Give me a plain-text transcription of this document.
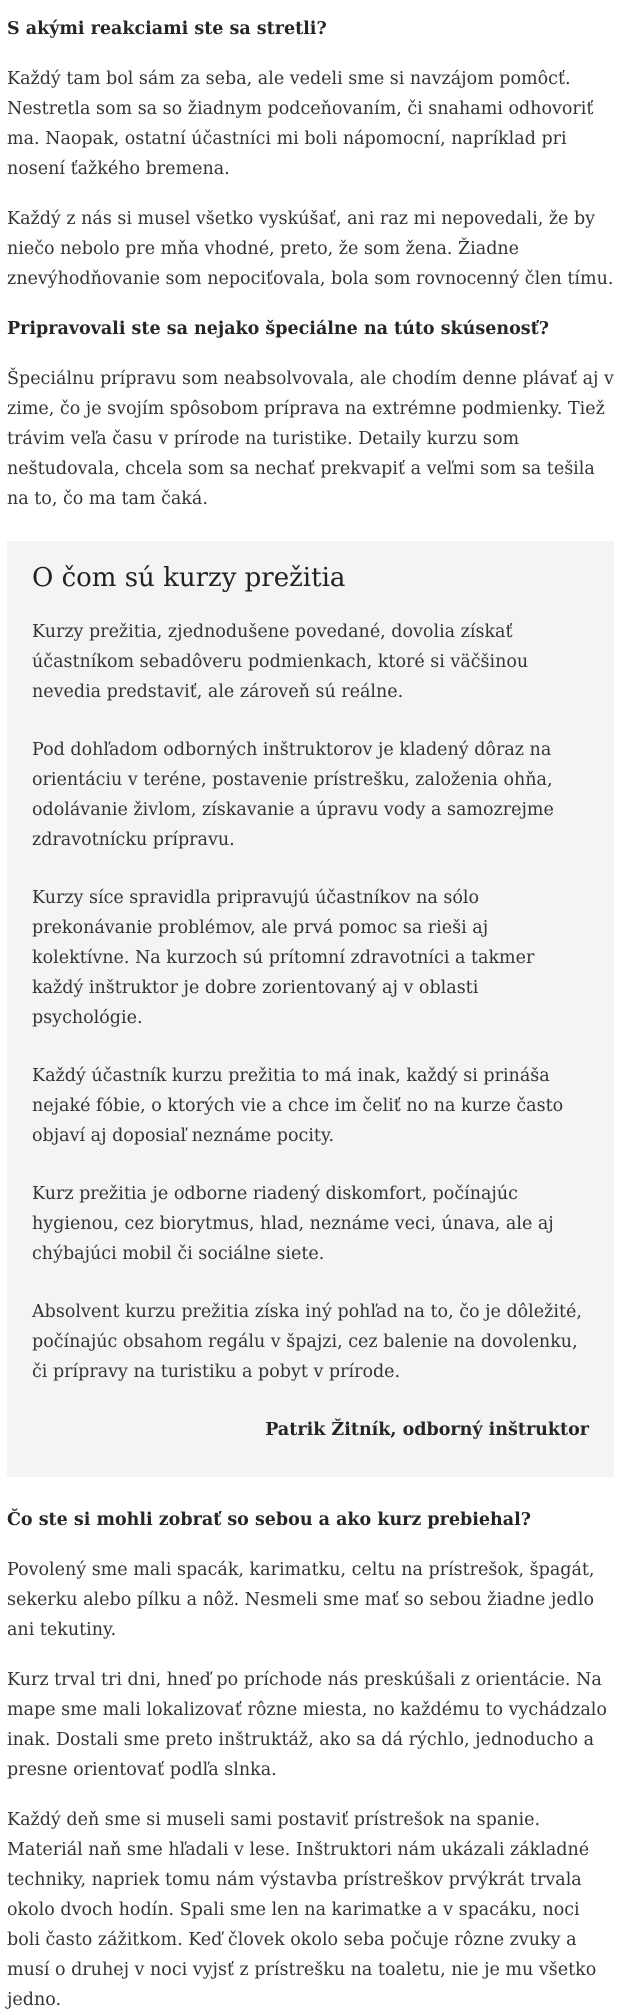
S akými reakciami ste sa stretli?

Každý tam bol sám za seba, ale vedeli sme si navzájom pomôcť. Nestretla som sa so žiadnym podceňovaním, či snahami odhovoriť ma. Naopak, ostatní účastníci mi boli nápomocní, napríklad pri nosení ťažkého bremena.

Každý z nás si musel všetko vyskúšať, ani raz mi nepovedali, že by niečo nebolo pre mňa vhodné, preto, že som žena. Žiadne znevýhodňovanie som nepociťovala, bola som rovnocenný člen tímu.

Pripravovali ste sa nejako špeciálne na túto skúsenosť?

Špeciálnu prípravu som neabsolvovala, ale chodím denne plávať aj v zime, čo je svojím spôsobom príprava na extrémne podmienky. Tiež trávim veľa času v prírode na turistike. Detaily kurzu som neštudovala, chcela som sa nechať prekvapiť a veľmi som sa tešila na to, čo ma tam čaká.

O čom sú kurzy prežitia

Kurzy prežitia, zjednodušene povedané, dovolia získať účastníkom sebadôveru podmienkach, ktoré si väčšinou nevedia predstaviť, ale zároveň sú reálne.

Pod dohľadom odborných inštruktorov je kladený dôraz na orientáciu v teréne, postavenie prístrešku, založenia ohňa, odolávanie živlom, získavanie a úpravu vody a samozrejme zdravotnícku prípravu.

Kurzy síce spravidla pripravujú účastníkov na sólo prekonávanie problémov, ale prvá pomoc sa rieši aj kolektívne. Na kurzoch sú prítomní zdravotníci a takmer každý inštruktor je dobre zorientovaný aj v oblasti psychológie.

Každý účastník kurzu prežitia to má inak, každý si prináša nejaké fóbie, o ktorých vie a chce im čeliť no na kurze často objaví aj doposiaľ neznáme pocity.

Kurz prežitia je odborne riadený diskomfort, počínajúc hygienou, cez biorytmus, hlad, neznáme veci, únava, ale aj chýbajúci mobil či sociálne siete.

Absolvent kurzu prežitia získa iný pohľad na to, čo je dôležité, počínajúc obsahom regálu v špajzi, cez balenie na dovolenku, či prípravy na turistiku a pobyt v prírode.

Patrik Žitník, odborný inštruktor

Čo ste si mohli zobrať so sebou a ako kurz prebiehal?

Povolený sme mali spacák, karimatku, celtu na prístrešok, špagát, sekerku alebo pílku a nôž. Nesmeli sme mať so sebou žiadne jedlo ani tekutiny.

Kurz trval tri dni, hneď po príchode nás preskúšali z orientácie. Na mape sme mali lokalizovať rôzne miesta, no každému to vychádzalo inak. Dostali sme preto inštruktáž, ako sa dá rýchlo, jednoducho a presne orientovať podľa slnka.

Každý deň sme si museli sami postaviť prístrešok na spanie. Materiál naň sme hľadali v lese. Inštruktori nám ukázali základné techniky, napriek tomu nám výstavba prístreškov prvýkrát trvala okolo dvoch hodín. Spali sme len na karimatke a v spacáku, noci boli často zážitkom. Keď človek okolo seba počuje rôzne zvuky a musí o druhej v noci vyjsť z prístrešku na toaletu, nie je mu všetko jedno.
